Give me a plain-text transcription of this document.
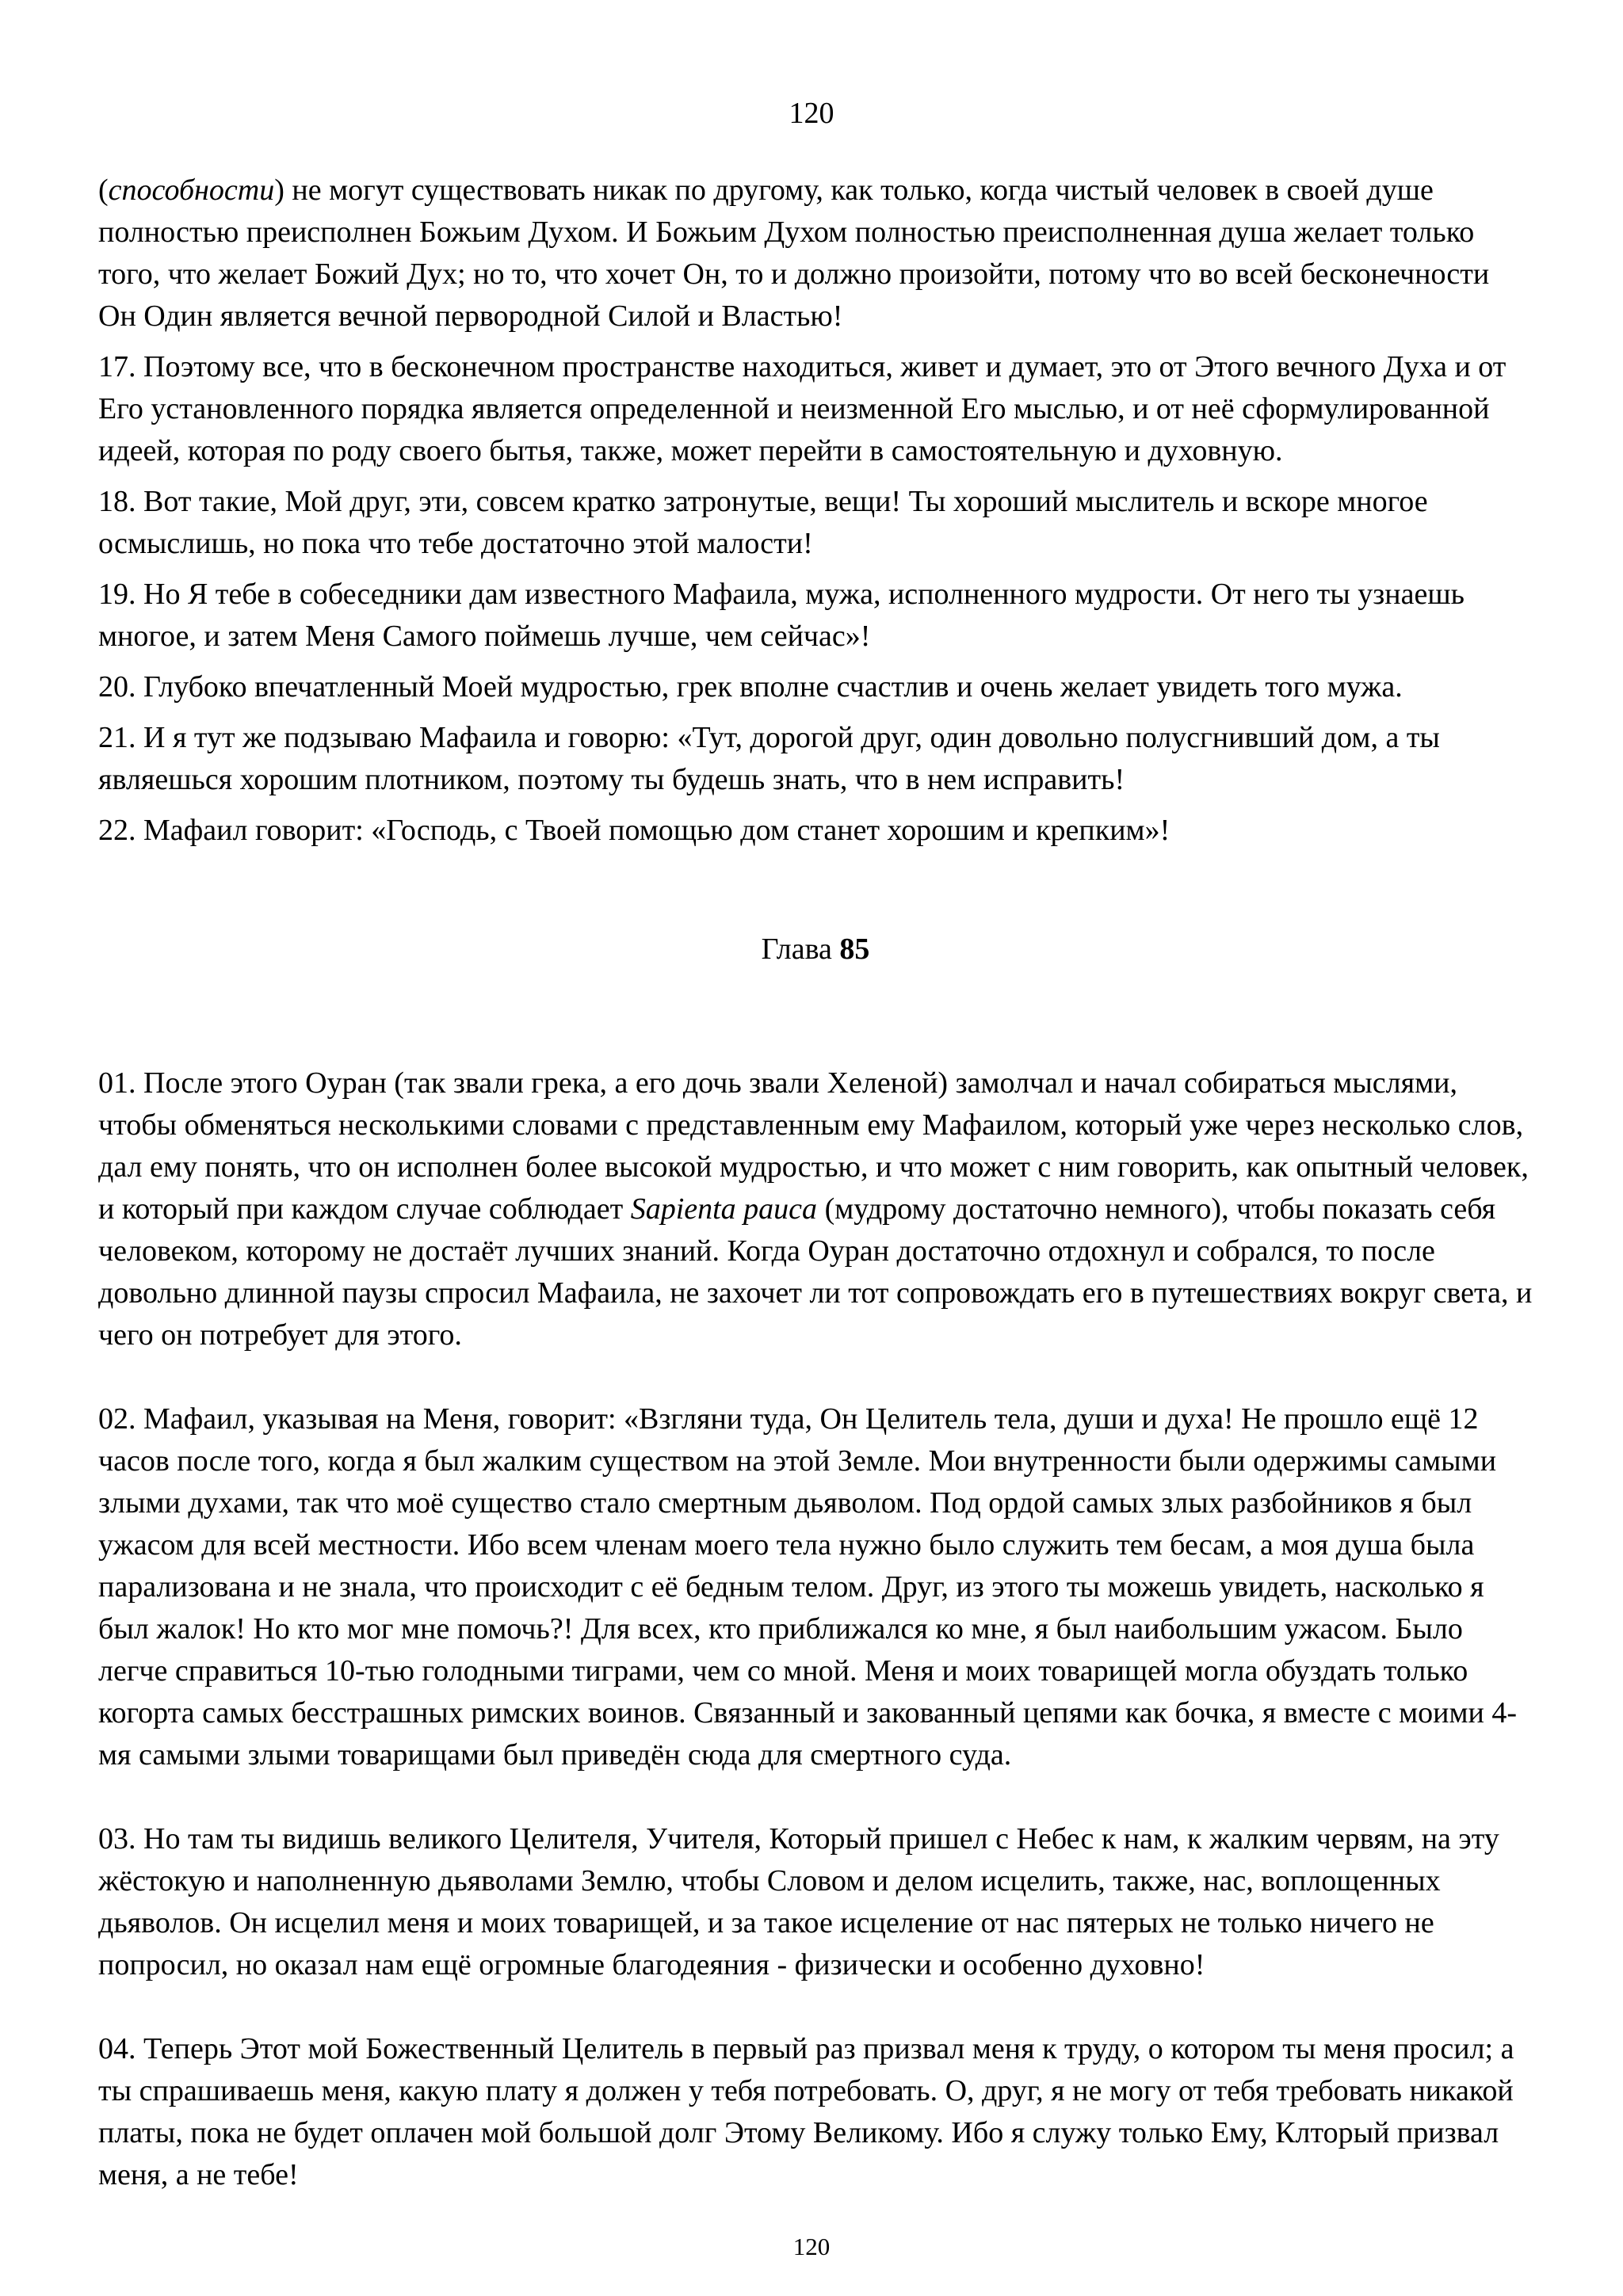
120

(способности) не могут существовать никак по другому, как только, когда чистый человек в своей душе полностью преисполнен Божьим Духом. И Божьим Духом полностью преисполненная душа желает только того, что желает Божий Дух; но то, что хочет Он, то и должно произойти, потому что во всей бесконечности Он Один является вечной первородной Силой и Властью!

17. Поэтому все, что в бесконечном пространстве находиться, живет и думает, это от Этого вечного Духа и от Его установленного порядка является определенной и неизменной Его мыслью, и от неё сформулированной идеей, которая по роду своего бытья, также, может перейти в самостоятельную и духовную.

18. Вот такие, Мой друг, эти, совсем кратко затронутые, вещи! Ты хороший мыслитель и вскоре многое осмыслишь, но пока что тебе достаточно этой малости!

19. Но Я тебе в собеседники дам известного Мафаила, мужа, исполненного мудрости. От него ты узнаешь многое, и затем Меня Самого поймешь лучше, чем сейчас»!

20. Глубоко впечатленный Моей мудростью, грек вполне счастлив и очень желает увидеть того мужа.

21. И я тут же подзываю Мафаила и говорю: «Тут, дорогой друг, один довольно полусгнивший дом, а ты являешься хорошим плотником, поэтому ты будешь знать, что в нем исправить!

22. Мафаил говорит: «Господь, с Твоей помощью дом станет хорошим и крепким»!

Глава 85

01. После этого Оуран (так звали грека, а его дочь звали Хеленой) замолчал и начал собираться мыслями, чтобы обменяться несколькими словами с представленным ему Мафаилом, который уже через несколько слов, дал ему понять, что он исполнен более высокой мудростью, и что может с ним говорить, как опытный человек, и который при каждом случае соблюдает Sapienta pauca (мудрому достаточно немного), чтобы показать себя человеком, которому не достаёт лучших знаний. Когда Оуран достаточно отдохнул и собрался, то после довольно длинной паузы спросил Мафаила, не захочет ли тот сопровождать его в путешествиях вокруг света, и чего он потребует для этого.

02. Мафаил, указывая на Меня, говорит: «Взгляни туда, Он Целитель тела, души и духа! Не прошло ещё 12 часов после того, когда я был жалким существом на этой Земле. Мои внутренности были одержимы самыми злыми духами, так что моё существо стало смертным дьяволом. Под ордой самых злых разбойников я был ужасом для всей местности. Ибо всем членам моего тела нужно было служить тем бесам, а моя душа была парализована и не знала, что происходит с её бедным телом. Друг, из этого ты можешь увидеть, насколько я был жалок! Но кто мог мне помочь?! Для всех, кто приближался ко мне, я был наибольшим ужасом. Было легче справиться 10-тью голодными тиграми, чем со мной. Меня и моих товарищей могла обуздать только когорта самых бесстрашных римских воинов. Связанный и закованный цепями как бочка, я вместе с моими 4-мя самыми злыми товарищами был приведён сюда для смертного суда.

03. Но там ты видишь великого Целителя, Учителя, Который пришел с Небес к нам, к жалким червям, на эту жёстокую и наполненную дьяволами Землю, чтобы Словом и делом исцелить, также, нас, воплощенных дьяволов. Он исцелил меня и моих товарищей, и за такое исцеление от нас пятерых не только ничего не попросил, но оказал нам ещё огромные благодеяния - физически и особенно духовно!

04. Теперь Этот мой Божественный Целитель в первый раз призвал меня к труду, о котором ты меня просил; а ты спрашиваешь меня, какую плату я должен у тебя потребовать. О, друг, я не могу от тебя требовать никакой платы, пока не будет оплачен мой большой долг Этому Великому. Ибо я служу только Ему, Клторый призвал меня, а не тебе!

120
